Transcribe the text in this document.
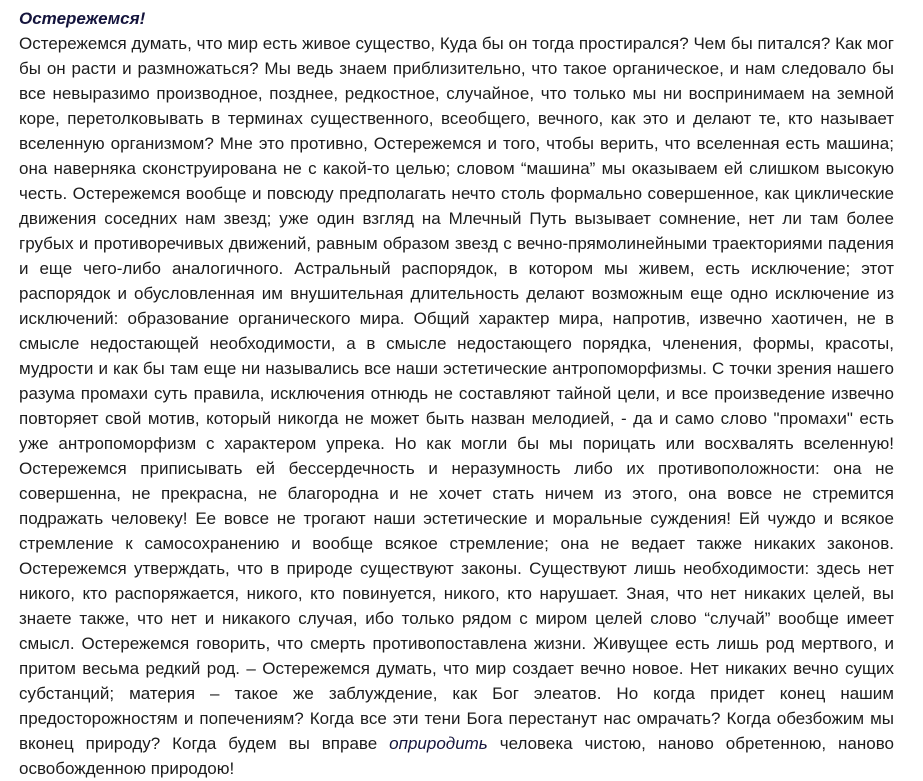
Остережемся!

Остережемся думать, что мир есть живое существо, Куда бы он тогда простирался? Чем бы питался? Как мог бы он расти и размножаться? Мы ведь знаем приблизительно, что такое органическое, и нам следовало бы все невыразимо производное, позднее, редкостное, случайное, что только мы ни воспринимаем на земной коре, перетолковывать в терминах существенного, всеобщего, вечного, как это и делают те, кто называет вселенную организмом? Мне это противно, Остережемся и того, чтобы верить, что вселенная есть машина; она наверняка сконструирована не с какой-то целью; словом “машина” мы оказываем ей слишком высокую честь. Остережемся вообще и повсюду предполагать нечто столь формально совершенное, как циклические движения соседних нам звезд; уже один взгляд на Млечный Путь вызывает сомнение, нет ли там более грубых и противоречивых движений, равным образом звезд с вечно-прямолинейными траекториями падения и еще чего-либо аналогичного. Астральный распорядок, в котором мы живем, есть исключение; этот распорядок и обусловленная им внушительная длительность делают возможным еще одно исключение из исключений: образование органического мира. Общий характер мира, напротив, извечно хаотичен, не в смысле недостающей необходимости, а в смысле недостающего порядка, членения, формы, красоты, мудрости и как бы там еще ни назывались все наши эстетические антропоморфизмы. С точки зрения нашего разума промахи суть правила, исключения отнюдь не составляют тайной цели, и все произведение извечно повторяет свой мотив, который никогда не может быть назван мелодией, - да и само слово "промахи" есть уже антропоморфизм с характером упрека. Но как могли бы мы порицать или восхвалять вселенную! Остережемся приписывать ей бессердечность и неразумность либо их противоположности: она не совершенна, не прекрасна, не благородна и не хочет стать ничем из этого, она вовсе не стремится подражать человеку! Ее вовсе не трогают наши эстетические и моральные суждения! Ей чуждо и всякое стремление к самосохранению и вообще всякое стремление; она не ведает также никаких законов. Остережемся утверждать, что в природе существуют законы. Существуют лишь необходимости: здесь нет никого, кто распоряжается, никого, кто повинуется, никого, кто нарушает. Зная, что нет никаких целей, вы знаете также, что нет и никакого случая, ибо только рядом с миром целей слово “случай” вообще имеет смысл. Остережемся говорить, что смерть противопоставлена жизни. Живущее есть лишь род мертвого, и притом весьма редкий род. – Остережемся думать, что мир создает вечно новое. Нет никаких вечно сущих субстанций; материя – такое же заблуждение, как Бог элеатов. Но когда придет конец нашим предосторожностям и попечениям? Когда все эти тени Бога перестанут нас омрачать? Когда обезбожим мы вконец природу? Когда будем вы вправе оприродить человека чистою, наново обретенною, наново освобожденною природою!
